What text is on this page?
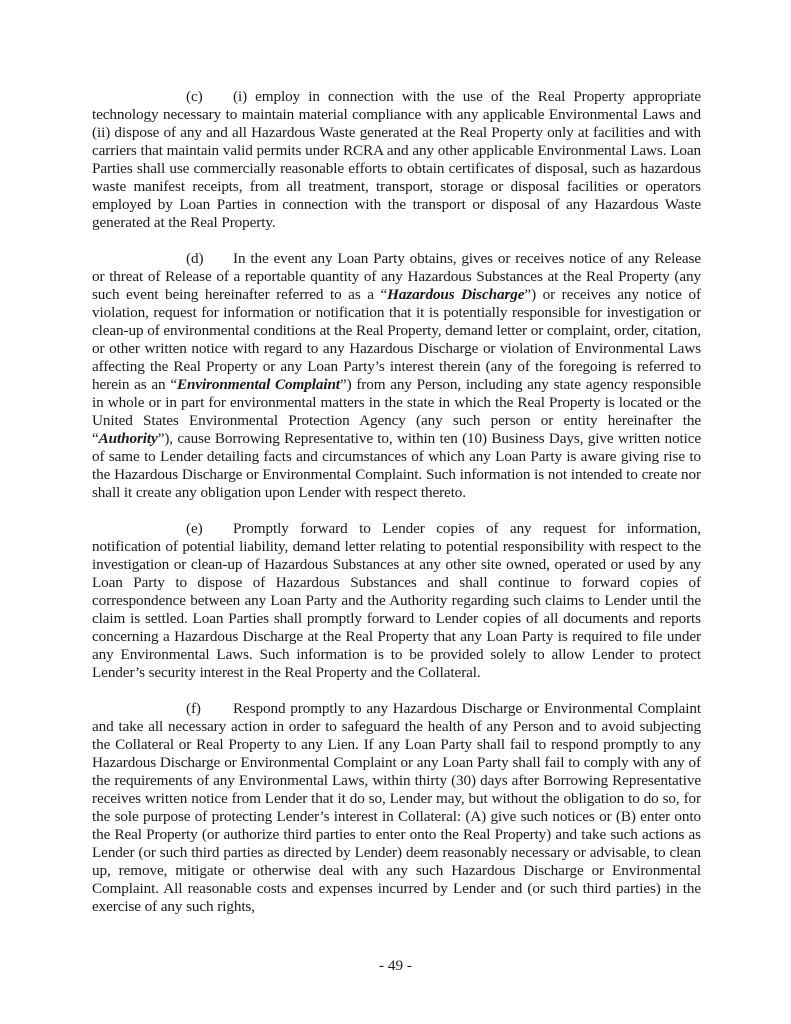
(c) (i) employ in connection with the use of the Real Property appropriate technology necessary to maintain material compliance with any applicable Environmental Laws and (ii) dispose of any and all Hazardous Waste generated at the Real Property only at facilities and with carriers that maintain valid permits under RCRA and any other applicable Environmental Laws. Loan Parties shall use commercially reasonable efforts to obtain certificates of disposal, such as hazardous waste manifest receipts, from all treatment, transport, storage or disposal facilities or operators employed by Loan Parties in connection with the transport or disposal of any Hazardous Waste generated at the Real Property.

(d) In the event any Loan Party obtains, gives or receives notice of any Release or threat of Release of a reportable quantity of any Hazardous Substances at the Real Property (any such event being hereinafter referred to as a “Hazardous Discharge”) or receives any notice of violation, request for information or notification that it is potentially responsible for investigation or clean-up of environmental conditions at the Real Property, demand letter or complaint, order, citation, or other written notice with regard to any Hazardous Discharge or violation of Environmental Laws affecting the Real Property or any Loan Party’s interest therein (any of the foregoing is referred to herein as an “Environmental Complaint”) from any Person, including any state agency responsible in whole or in part for environmental matters in the state in which the Real Property is located or the United States Environmental Protection Agency (any such person or entity hereinafter the “Authority”), cause Borrowing Representative to, within ten (10) Business Days, give written notice of same to Lender detailing facts and circumstances of which any Loan Party is aware giving rise to the Hazardous Discharge or Environmental Complaint. Such information is not intended to create nor shall it create any obligation upon Lender with respect thereto.

(e) Promptly forward to Lender copies of any request for information, notification of potential liability, demand letter relating to potential responsibility with respect to the investigation or clean-up of Hazardous Substances at any other site owned, operated or used by any Loan Party to dispose of Hazardous Substances and shall continue to forward copies of correspondence between any Loan Party and the Authority regarding such claims to Lender until the claim is settled. Loan Parties shall promptly forward to Lender copies of all documents and reports concerning a Hazardous Discharge at the Real Property that any Loan Party is required to file under any Environmental Laws. Such information is to be provided solely to allow Lender to protect Lender’s security interest in the Real Property and the Collateral.

(f) Respond promptly to any Hazardous Discharge or Environmental Complaint and take all necessary action in order to safeguard the health of any Person and to avoid subjecting the Collateral or Real Property to any Lien. If any Loan Party shall fail to respond promptly to any Hazardous Discharge or Environmental Complaint or any Loan Party shall fail to comply with any of the requirements of any Environmental Laws, within thirty (30) days after Borrowing Representative receives written notice from Lender that it do so, Lender may, but without the obligation to do so, for the sole purpose of protecting Lender’s interest in Collateral: (A) give such notices or (B) enter onto the Real Property (or authorize third parties to enter onto the Real Property) and take such actions as Lender (or such third parties as directed by Lender) deem reasonably necessary or advisable, to clean up, remove, mitigate or otherwise deal with any such Hazardous Discharge or Environmental Complaint. All reasonable costs and expenses incurred by Lender and (or such third parties) in the exercise of any such rights,

- 49 -
